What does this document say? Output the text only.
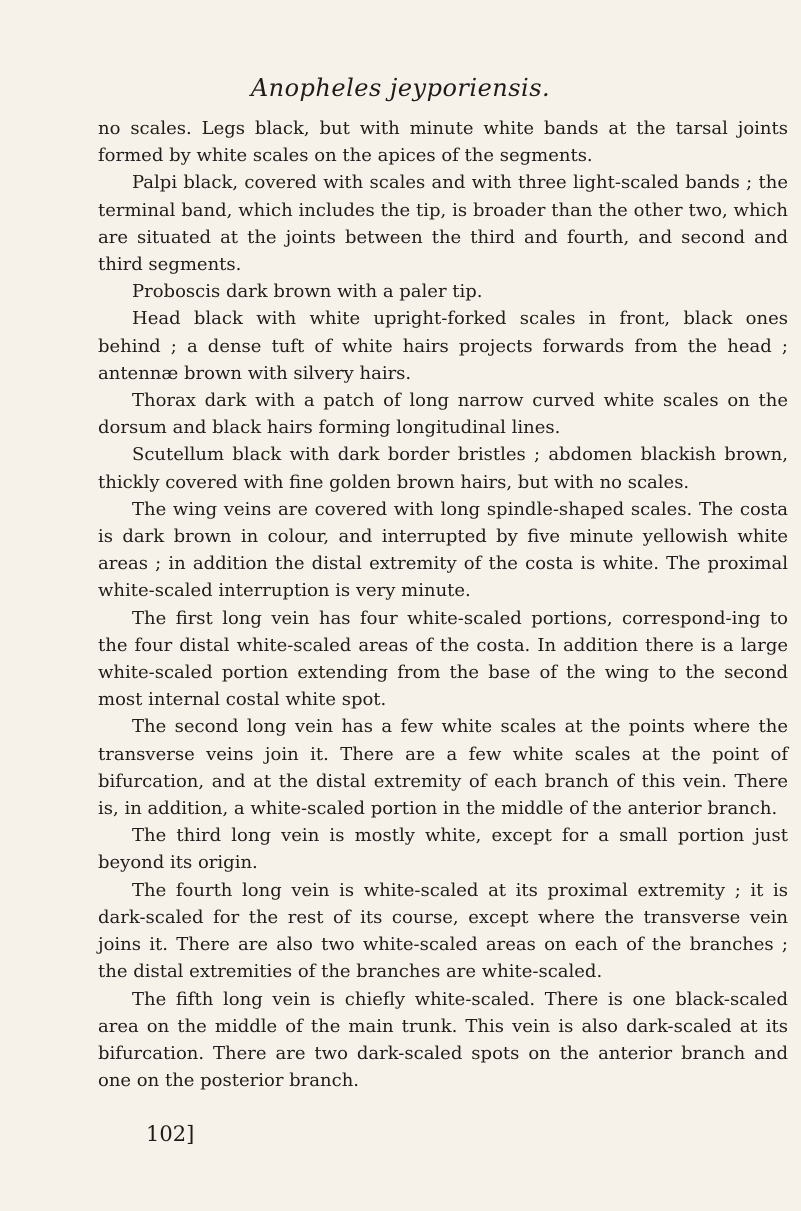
Anopheles jeyporiensis.

no scales. Legs black, but with minute white bands at the tarsal joints formed by white scales on the apices of the segments.

Palpi black, covered with scales and with three light-scaled bands ; the terminal band, which includes the tip, is broader than the other two, which are situated at the joints between the third and fourth, and second and third segments.

Proboscis dark brown with a paler tip.

Head black with white upright-forked scales in front, black ones behind ; a dense tuft of white hairs projects forwards from the head ; antennæ brown with silvery hairs.

Thorax dark with a patch of long narrow curved white scales on the dorsum and black hairs forming longitudinal lines.

Scutellum black with dark border bristles ; abdomen blackish brown, thickly covered with fine golden brown hairs, but with no scales.

The wing veins are covered with long spindle-shaped scales. The costa is dark brown in colour, and interrupted by five minute yellowish white areas ; in addition the distal extremity of the costa is white. The proximal white-scaled interruption is very minute.

The first long vein has four white-scaled portions, correspond-ing to the four distal white-scaled areas of the costa. In addition there is a large white-scaled portion extending from the base of the wing to the second most internal costal white spot.

The second long vein has a few white scales at the points where the transverse veins join it. There are a few white scales at the point of bifurcation, and at the distal extremity of each branch of this vein. There is, in addition, a white-scaled portion in the middle of the anterior branch.

The third long vein is mostly white, except for a small portion just beyond its origin.

The fourth long vein is white-scaled at its proximal extremity ; it is dark-scaled for the rest of its course, except where the transverse vein joins it. There are also two white-scaled areas on each of the branches ; the distal extremities of the branches are white-scaled.

The fifth long vein is chiefly white-scaled. There is one black-scaled area on the middle of the main trunk. This vein is also dark-scaled at its bifurcation. There are two dark-scaled spots on the anterior branch and one on the posterior branch.

102]
